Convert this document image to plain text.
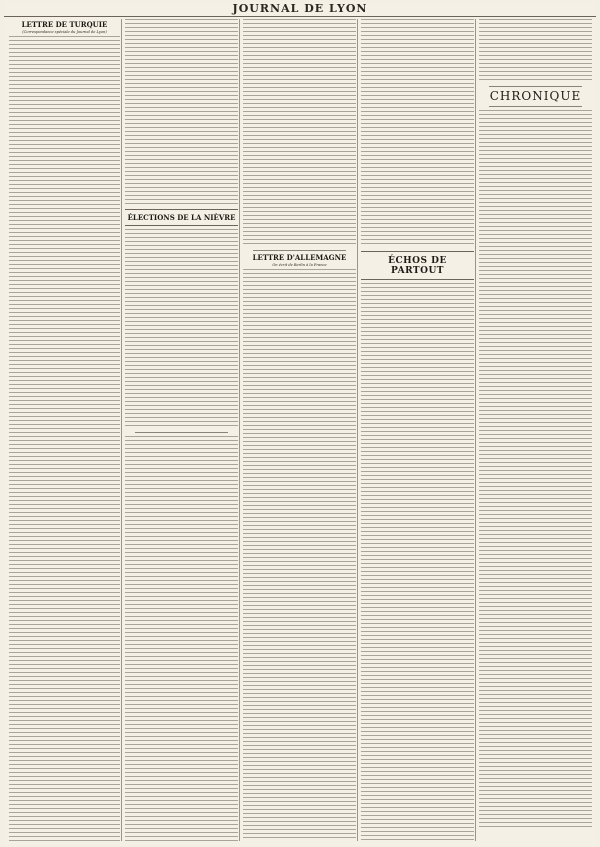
JOURNAL DE LYON
LETTRE DE TURQUIE
(Correspondance spéciale du Journal de Lyon)
ÉLECTIONS DE LA NIÈVRE
LETTRE D'ALLEMAGNE
On écrit de Berlin à la France	ÉCHOS DE PARTOUT
CHRONIQUE
